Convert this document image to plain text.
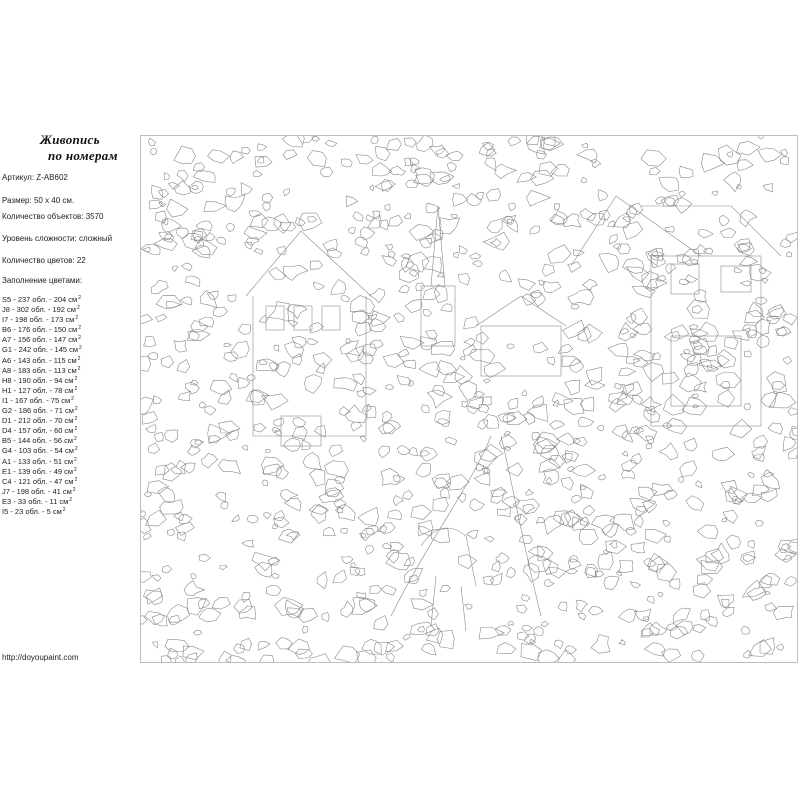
Живопись
по номерам
Артикул: Z-AB602
Размер: 50 х 40 см.
Количество объектов: 3570
Уровень сложности: сложный
Количество цветов: 22
Заполнение цветами:
S5 - 237 обл. - 204 $см^2$
J8 - 302 обл. - 192 $см^2$
I7 - 198 обл. - 173 $см^2$
B6 - 176 обл. - 150 $см^2$
A7 - 156 обл. - 147 $см^2$
G1 - 242 обл. - 145 $см^2$
A6 - 143 обл. - 115 $см^2$
A8 - 183 обл. - 113 $см^2$
H8 - 190 обл. - 94 $см^2$
H1 - 127 обл. - 78 $см^2$
I1 - 167 обл. - 75 $см^2$
G2 - 186 обл. - 71 $см^2$
D1 - 212 обл. - 70 $см^2$
D4 - 157 обл. - 60 $см^2$
B5 - 144 обл. - 56 $см^2$
G4 - 103 обл. - 54 $см^2$
A1 - 133 обл. - 51 $см^2$
E1 - 139 обл. - 49 $см^2$
C4 - 121 обл. - 47 $см^2$
J7 - 198 обл. - 41 $см^2$
E3 - 33 обл. - 11 $см^2$
I5 - 23 обл. - 5 $см^2$
http://doyoupaint.com
